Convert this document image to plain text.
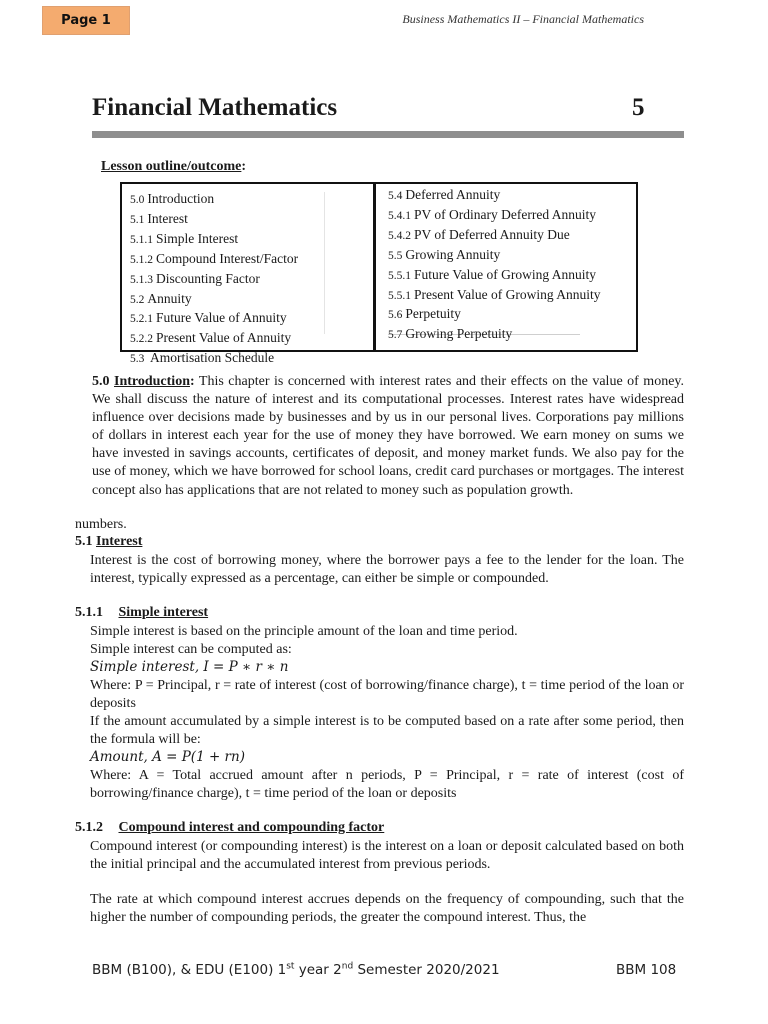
Page 1	Business Mathematics II – Financial Mathematics
Financial Mathematics	5
Lesson outline/outcome:
5.0 Introduction
5.1 Interest
5.1.1 Simple Interest
5.1.2 Compound Interest/Factor
5.1.3 Discounting Factor
5.2 Annuity
5.2.1 Future Value of Annuity
5.2.2 Present Value of Annuity
5.3 Amortisation Schedule
5.4 Deferred Annuity
5.4.1 PV of Ordinary Deferred Annuity
5.4.2 PV of Deferred Annuity Due
5.5 Growing Annuity
5.5.1 Future Value of Growing Annuity
5.5.1 Present Value of Growing Annuity
5.6 Perpetuity
5.7 Growing Perpetuity
5.0 Introduction: This chapter is concerned with interest rates and their effects on the value of money. We shall discuss the nature of interest and its computational processes. Interest rates have widespread influence over decisions made by businesses and by us in our personal lives. Corporations pay millions of dollars in interest each year for the use of money they have borrowed. We earn money on sums we have invested in savings accounts, certificates of deposit, and money market funds. We also pay for the use of money, which we have borrowed for school loans, credit card purchases or mortgages. The interest concept also has applications that are not related to money such as population growth.
numbers.
5.1 Interest
Interest is the cost of borrowing money, where the borrower pays a fee to the lender for the loan. The interest, typically expressed as a percentage, can either be simple or compounded.
5.1.1 Simple interest
Simple interest is based on the principle amount of the loan and time period.
Simple interest can be computed as:
Simple interest, I = P ∗ r ∗ n
Where: P = Principal, r = rate of interest (cost of borrowing/finance charge), t = time period of the loan or deposits
If the amount accumulated by a simple interest is to be computed based on a rate after some period, then the formula will be:
Amount, A = P(1 + rn)
Where: A = Total accrued amount after n periods, P = Principal, r = rate of interest (cost of borrowing/finance charge), t = time period of the loan or deposits
5.1.2 Compound interest and compounding factor
Compound interest (or compounding interest) is the interest on a loan or deposit calculated based on both the initial principal and the accumulated interest from previous periods.
The rate at which compound interest accrues depends on the frequency of compounding, such that the higher the number of compounding periods, the greater the compound interest. Thus, the
BBM (B100), & EDU (E100) 1st year 2nd Semester 2020/2021	BBM 108
